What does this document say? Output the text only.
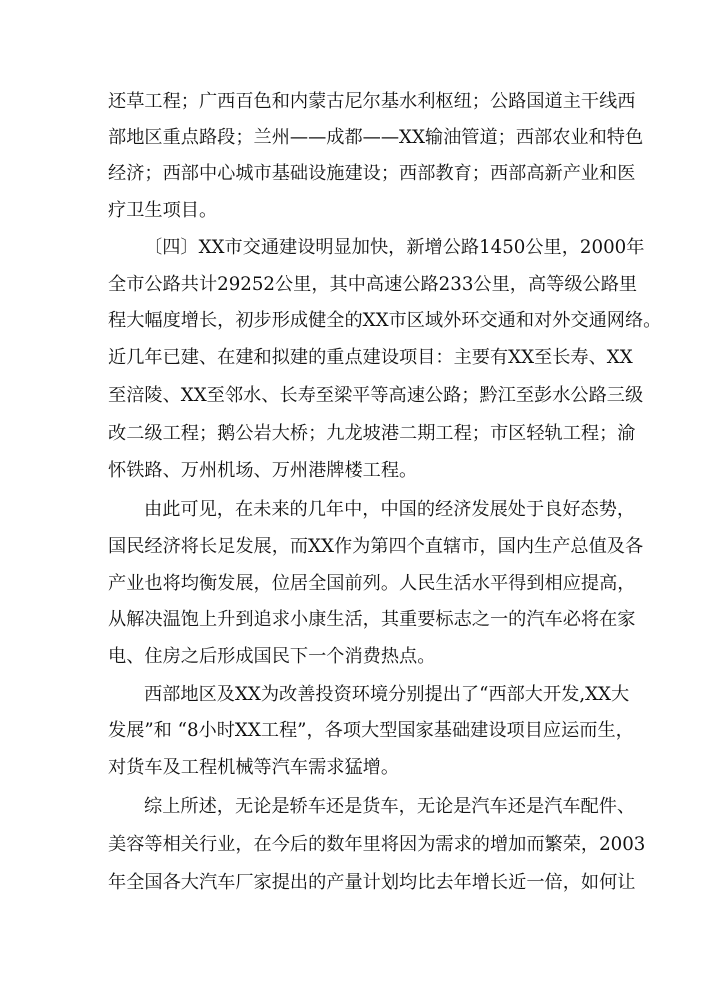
还草工程；广西百色和内蒙古尼尔基水利枢纽；公路国道主干线西
部地区重点路段；兰州——成都——XX输油管道；西部农业和特色
经济；西部中心城市基础设施建设；西部教育；西部高新产业和医
疗卫生项目。
〔四〕XX市交通建设明显加快，新增公路1450公里，2000年
全市公路共计29252公里，其中高速公路233公里，高等级公路里
程大幅度增长，初步形成健全的XX市区域外环交通和对外交通网络。
近几年已建、在建和拟建的重点建设项目：主要有XX至长寿、XX
至涪陵、XX至邻水、长寿至梁平等高速公路；黔江至彭水公路三级
改二级工程；鹅公岩大桥；九龙坡港二期工程；市区轻轨工程；渝
怀铁路、万州机场、万州港牌楼工程。
由此可见，在未来的几年中，中国的经济发展处于良好态势，
国民经济将长足发展，而XX作为第四个直辖市，国内生产总值及各
产业也将均衡发展，位居全国前列。人民生活水平得到相应提高，
从解决温饱上升到追求小康生活，其重要标志之一的汽车必将在家
电、住房之后形成国民下一个消费热点。
西部地区及XX为改善投资环境分别提出了“西部大开发,XX大
发展”和 “8小时XX工程”，各项大型国家基础建设项目应运而生，
对货车及工程机械等汽车需求猛增。
综上所述，无论是轿车还是货车，无论是汽车还是汽车配件、
美容等相关行业，在今后的数年里将因为需求的增加而繁荣，2003
年全国各大汽车厂家提出的产量计划均比去年增长近一倍，如何让
